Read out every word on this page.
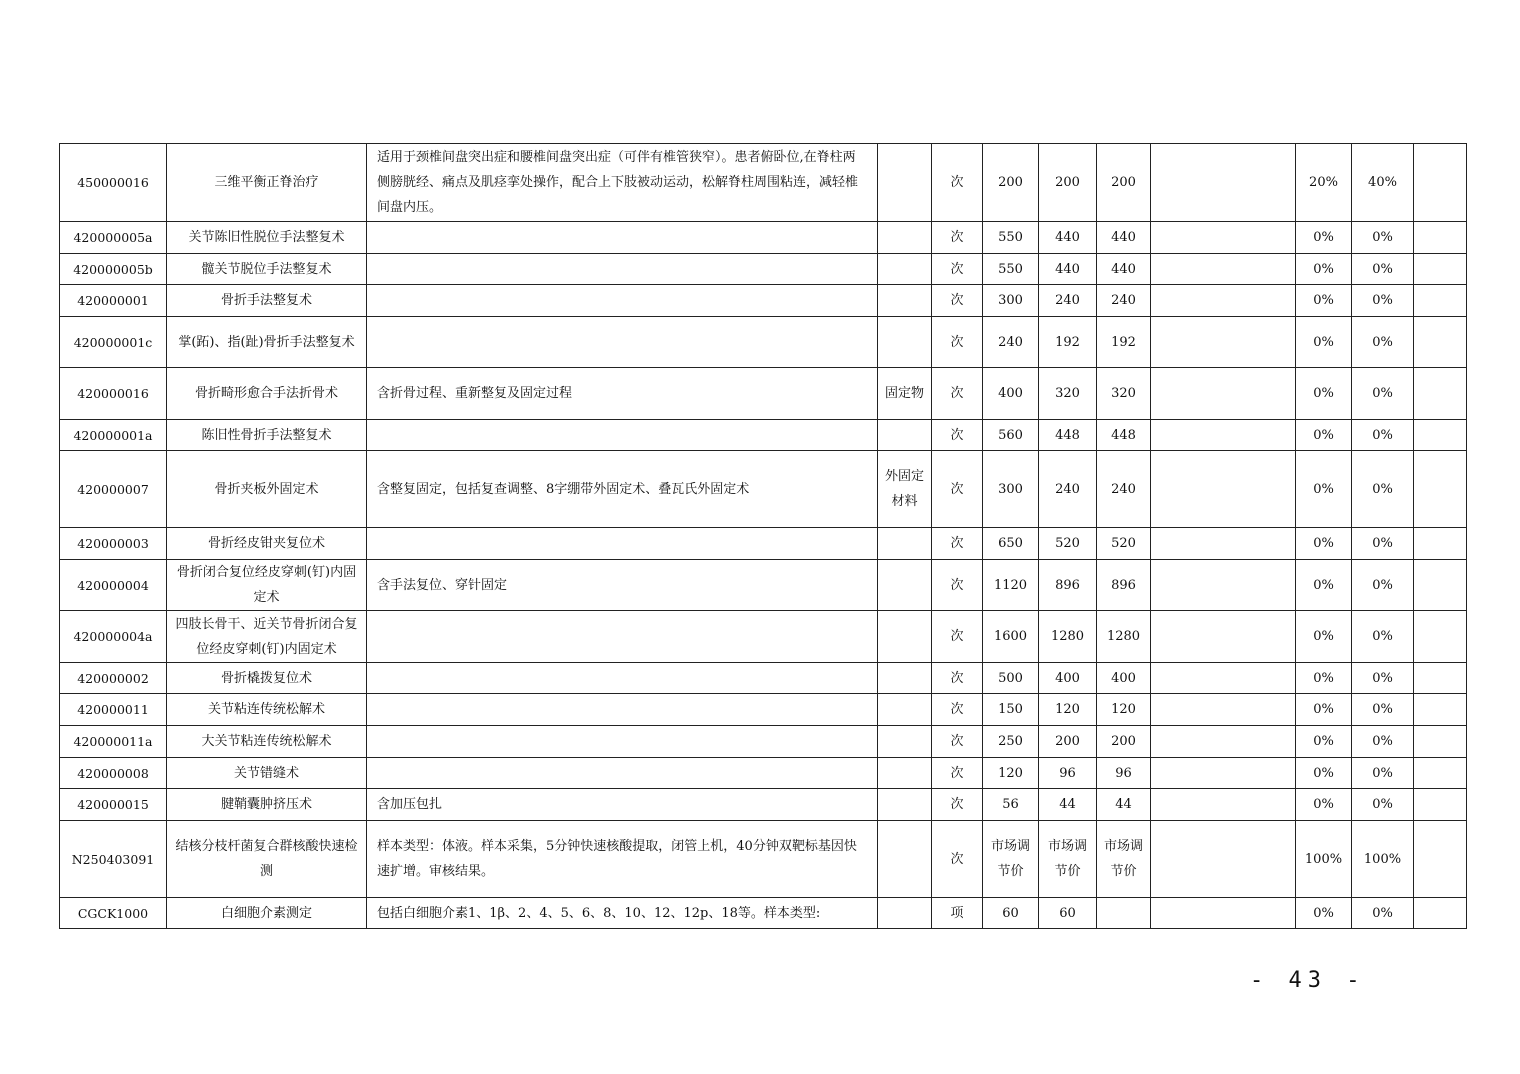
450000016	三维平衡正脊治疗	适用于颈椎间盘突出症和腰椎间盘突出症（可伴有椎管狭窄）。患者俯卧位,在脊柱两侧膀胱经、痛点及肌痉挛处操作，配合上下肢被动运动，松解脊柱周围粘连，减轻椎间盘内压。		次	200	200	200		20%	40%	
420000005a	关节陈旧性脱位手法整复术			次	550	440	440		0%	0%	
420000005b	髋关节脱位手法整复术			次	550	440	440		0%	0%	
420000001	骨折手法整复术			次	300	240	240		0%	0%	
420000001c	掌(跖)、指(趾)骨折手法整复术			次	240	192	192		0%	0%	
420000016	骨折畸形愈合手法折骨术	含折骨过程、重新整复及固定过程	固定物	次	400	320	320		0%	0%	
420000001a	陈旧性骨折手法整复术			次	560	448	448		0%	0%	
420000007	骨折夹板外固定术	含整复固定，包括复查调整、8字绷带外固定术、叠瓦氏外固定术	外固定材料	次	300	240	240		0%	0%	
420000003	骨折经皮钳夹复位术			次	650	520	520		0%	0%	
420000004	骨折闭合复位经皮穿刺(钉)内固定术	含手法复位、穿针固定		次	1120	896	896		0%	0%	
420000004a	四肢长骨干、近关节骨折闭合复位经皮穿刺(钉)内固定术			次	1600	1280	1280		0%	0%	
420000002	骨折橇拨复位术			次	500	400	400		0%	0%	
420000011	关节粘连传统松解术			次	150	120	120		0%	0%	
420000011a	大关节粘连传统松解术			次	250	200	200		0%	0%	
420000008	关节错缝术			次	120	96	96		0%	0%	
420000015	腱鞘囊肿挤压术	含加压包扎		次	56	44	44		0%	0%	
N250403091	结核分枝杆菌复合群核酸快速检测	样本类型：体液。样本采集，5分钟快速核酸提取，闭管上机，40分钟双靶标基因快速扩增。审核结果。		次	市场调节价	市场调节价	市场调节价		100%	100%	
CGCK1000	白细胞介素测定	包括白细胞介素1、1β、2、4、5、6、8、10、12、12p、18等。样本类型:		项	60	60			0%	0%	
- 43 -
